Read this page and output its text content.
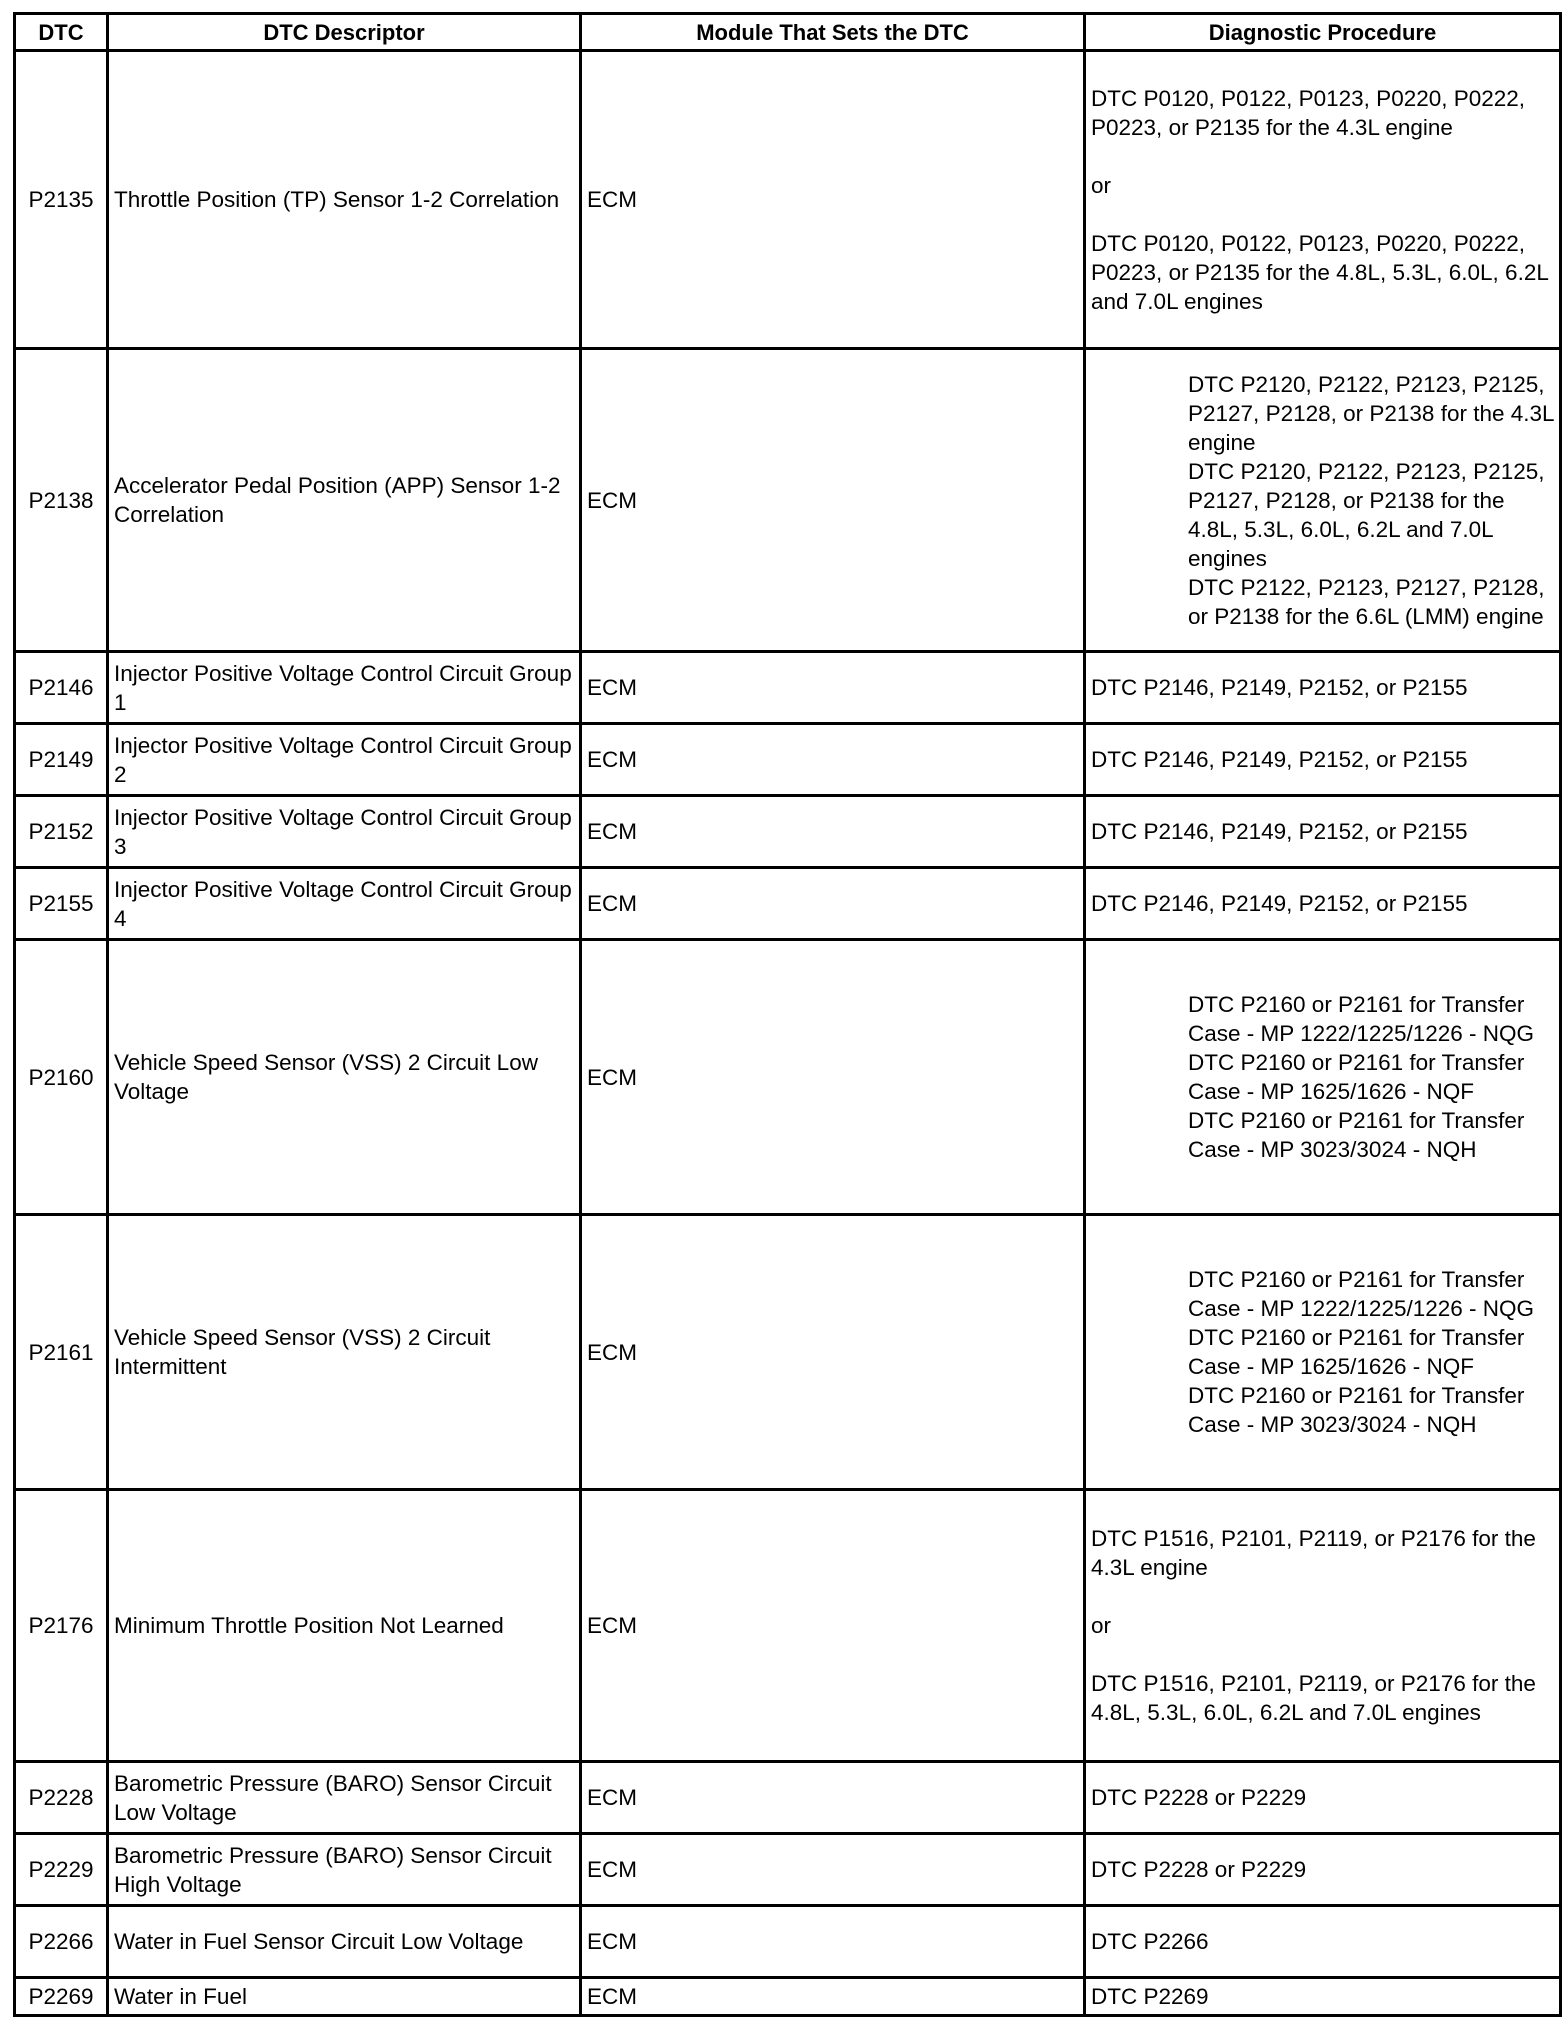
DTC	DTC Descriptor	Module That Sets the DTC	Diagnostic Procedure
P2135	Throttle Position (TP) Sensor 1-2 Correlation	ECM	DTC P0120, P0122, P0123, P0220, P0222, P0223, or P2135 for the 4.3L engine
or
DTC P0120, P0122, P0123, P0220, P0222, P0223, or P2135 for the 4.8L, 5.3L, 6.0L, 6.2L and 7.0L engines

P2138	Accelerator Pedal Position (APP) Sensor 1-2 Correlation	ECM	DTC P2120, P2122, P2123, P2125, P2127, P2128, or P2138 for the 4.3L engine
DTC P2120, P2122, P2123, P2125, P2127, P2128, or P2138 for the 4.8L, 5.3L, 6.0L, 6.2L and 7.0L engines
DTC P2122, P2123, P2127, P2128, or P2138 for the 6.6L (LMM) engine

P2146	Injector Positive Voltage Control Circuit Group 1	ECM	DTC P2146, P2149, P2152, or P2155

P2149	Injector Positive Voltage Control Circuit Group 2	ECM	DTC P2146, P2149, P2152, or P2155

P2152	Injector Positive Voltage Control Circuit Group 3	ECM	DTC P2146, P2149, P2152, or P2155

P2155	Injector Positive Voltage Control Circuit Group 4	ECM	DTC P2146, P2149, P2152, or P2155

P2160	Vehicle Speed Sensor (VSS) 2 Circuit Low Voltage	ECM	DTC P2160 or P2161 for Transfer Case - MP 1222/1225/1226 - NQG
DTC P2160 or P2161 for Transfer Case - MP 1625/1626 - NQF
DTC P2160 or P2161 for Transfer Case - MP 3023/3024 - NQH

P2161	Vehicle Speed Sensor (VSS) 2 Circuit Intermittent	ECM	DTC P2160 or P2161 for Transfer Case - MP 1222/1225/1226 - NQG
DTC P2160 or P2161 for Transfer Case - MP 1625/1626 - NQF
DTC P2160 or P2161 for Transfer Case - MP 3023/3024 - NQH

P2176	Minimum Throttle Position Not Learned	ECM	DTC P1516, P2101, P2119, or P2176 for the 4.3L engine
or
DTC P1516, P2101, P2119, or P2176 for the 4.8L, 5.3L, 6.0L, 6.2L and 7.0L engines

P2228	Barometric Pressure (BARO) Sensor Circuit Low Voltage	ECM	DTC P2228 or P2229

P2229	Barometric Pressure (BARO) Sensor Circuit High Voltage	ECM	DTC P2228 or P2229

P2266	Water in Fuel Sensor Circuit Low Voltage	ECM	DTC P2266

P2269	Water in Fuel	ECM	DTC P2269
